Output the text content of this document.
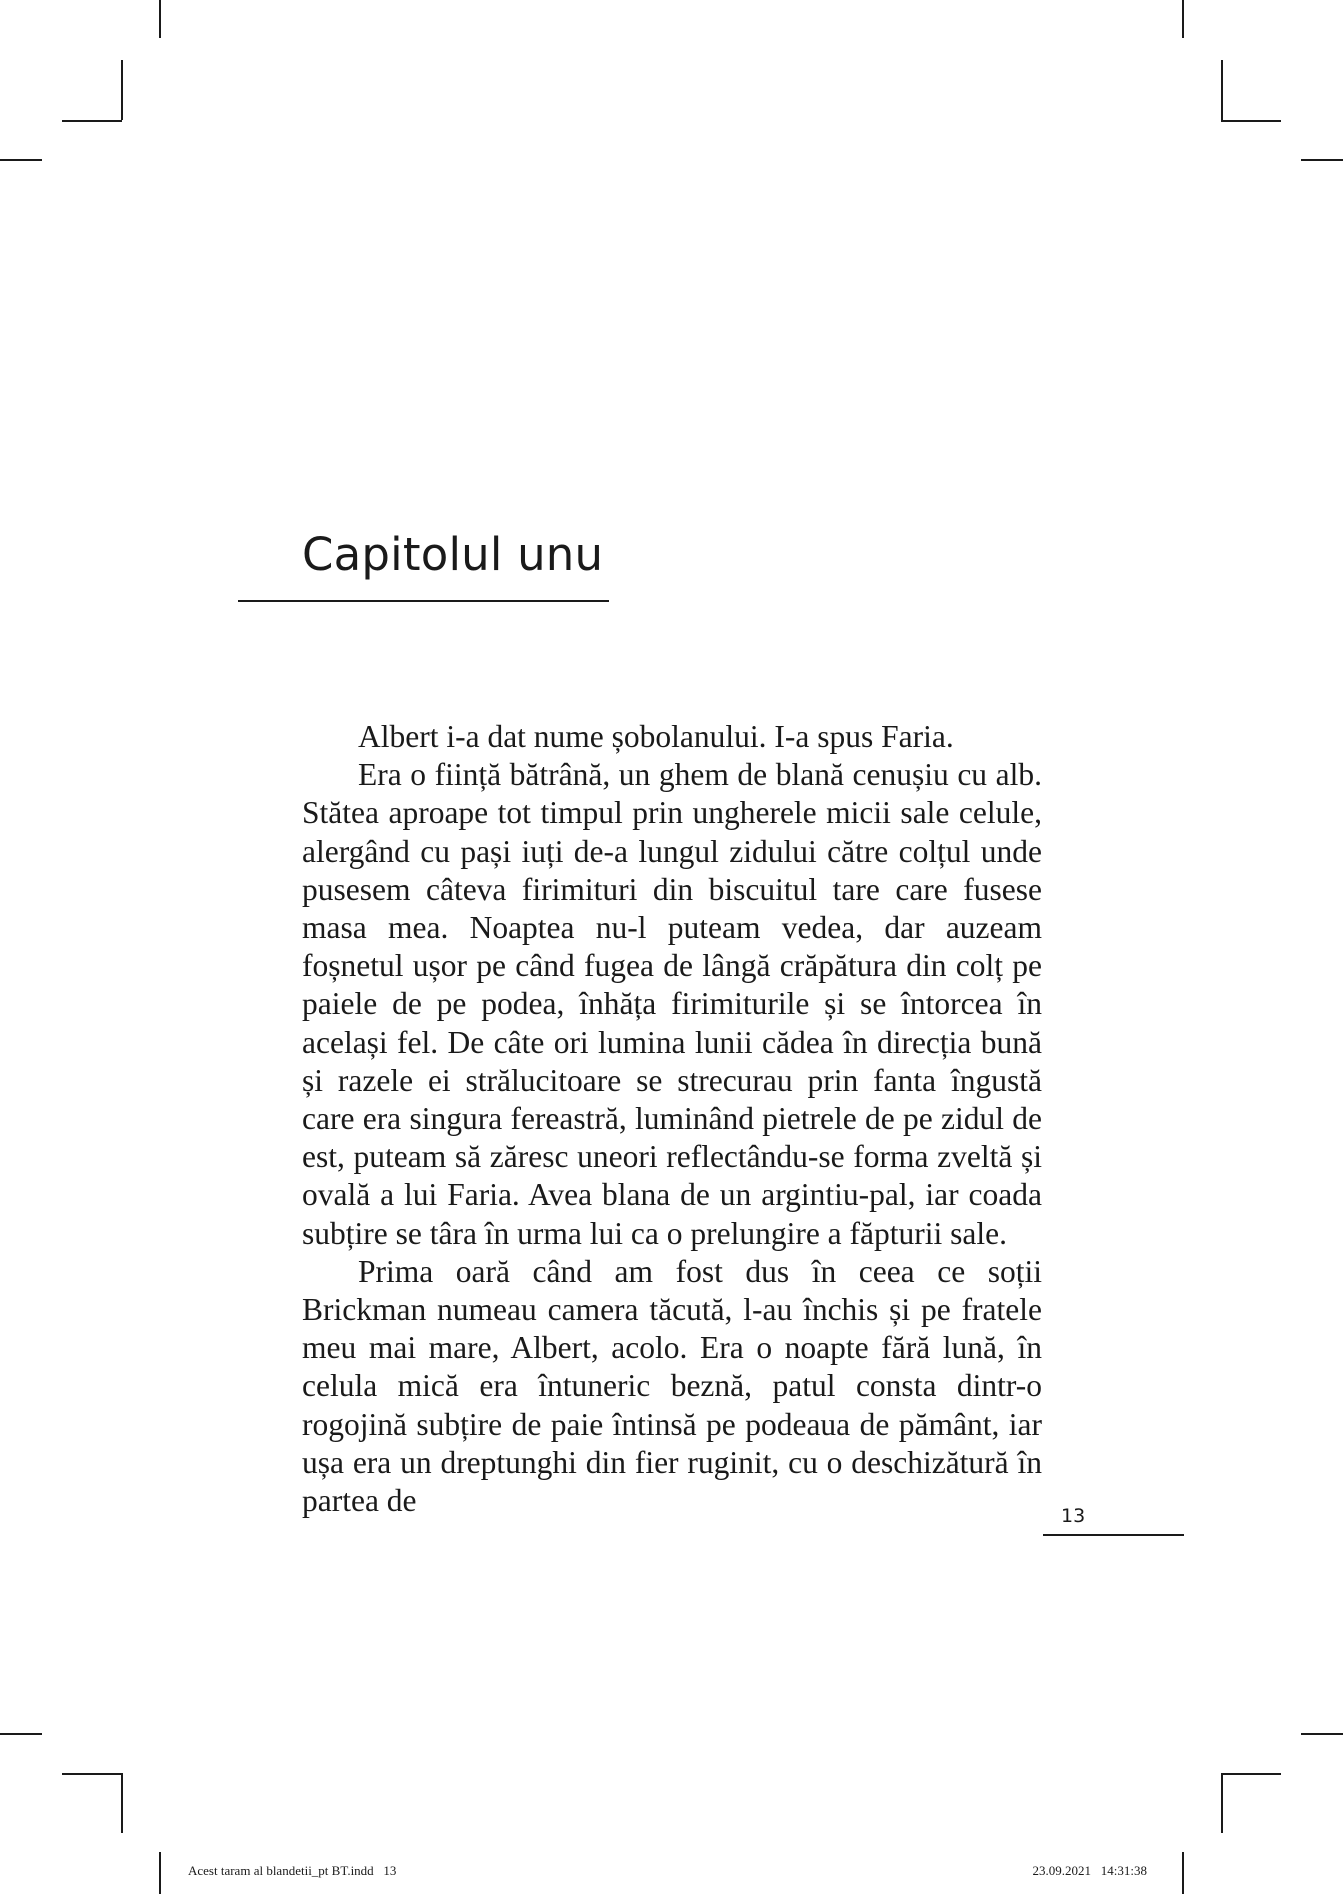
Capitolul unu

Albert i-a dat nume șobolanului. I-a spus Faria.

Era o ființă bătrână, un ghem de blană cenușiu cu alb. Stătea aproape tot timpul prin ungherele micii sale celule, alergând cu pași iuți de-a lungul zidului către colțul unde pusesem câteva firimituri din biscuitul tare care fusese masa mea. Noaptea nu-l puteam vedea, dar auzeam foșnetul ușor pe când fugea de lângă crăpătura din colț pe paiele de pe podea, înhăța firimiturile și se întorcea în același fel. De câte ori lumina lunii cădea în direcția bună și razele ei strălucitoare se strecurau prin fanta îngustă care era singura fereastră, luminând pietrele de pe zidul de est, puteam să zăresc uneori reflectându-se forma zveltă și ovală a lui Faria. Avea blana de un argintiu-pal, iar coada subțire se târa în urma lui ca o prelungire a făpturii sale.

Prima oară când am fost dus în ceea ce soții Brickman numeau camera tăcută, l-au închis și pe fratele meu mai mare, Albert, acolo. Era o noapte fără lună, în celula mică era întuneric beznă, patul consta dintr-o rogojină subțire de paie întinsă pe podeaua de pământ, iar ușa era un dreptunghi din fier ruginit, cu o deschizătură în partea de	13
Acest taram al blandetii_pt BT.indd   13	23.09.2021   14:31:38
